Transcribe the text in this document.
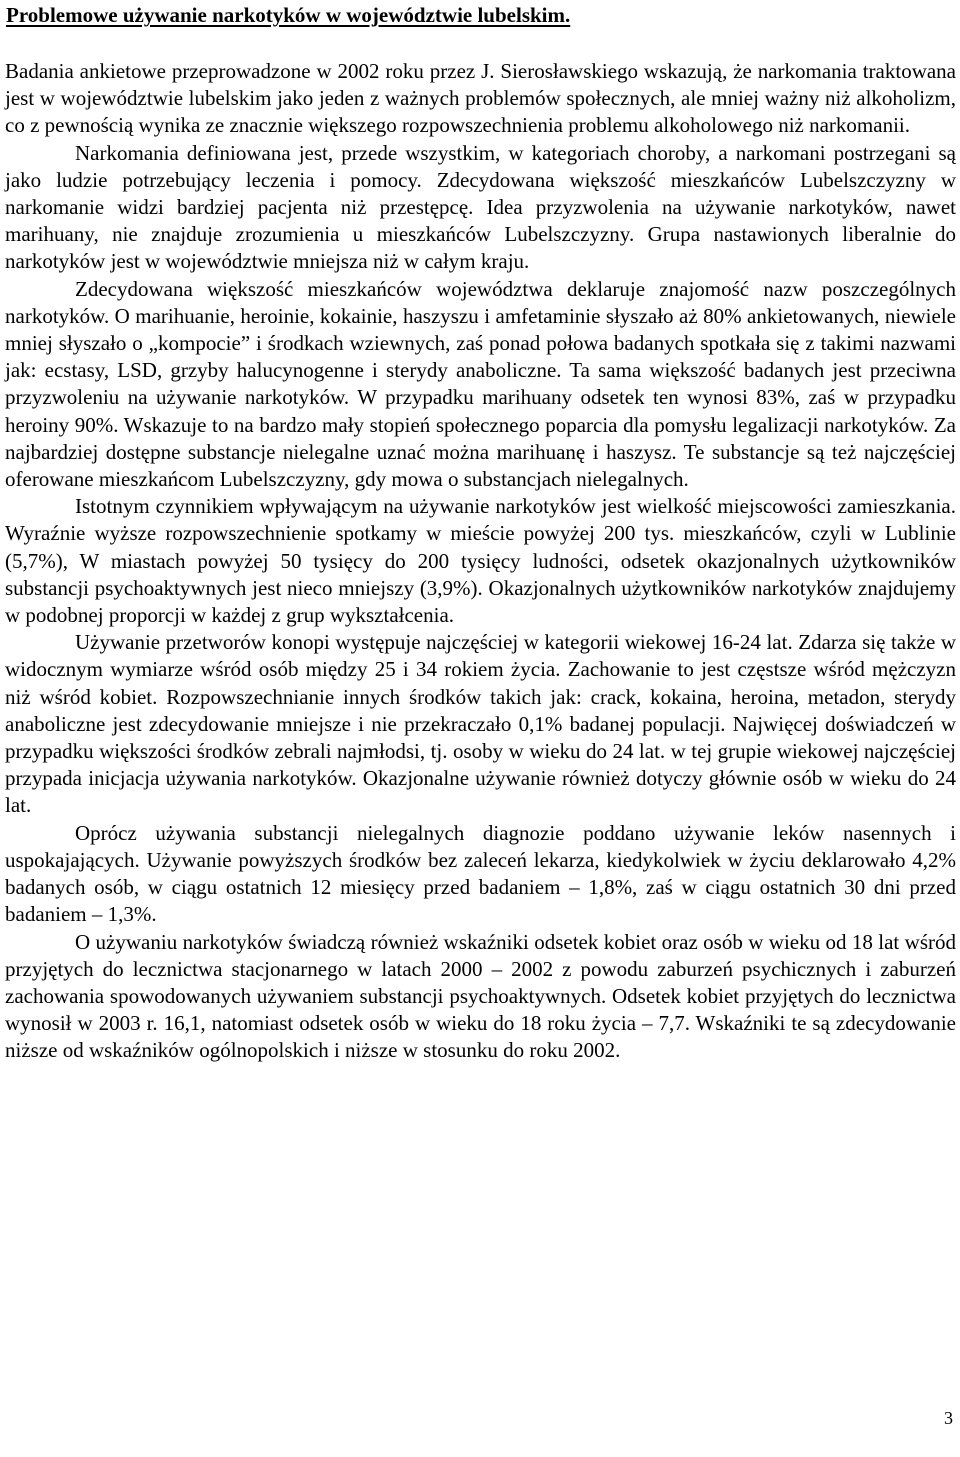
Problemowe używanie narkotyków w województwie lubelskim.

Badania ankietowe przeprowadzone w 2002 roku przez J. Sierosławskiego wskazują, że narkomania traktowana jest w województwie lubelskim jako jeden z ważnych problemów społecznych, ale mniej ważny niż alkoholizm, co z pewnością wynika ze znacznie większego rozpowszechnienia problemu alkoholowego niż narkomanii.

Narkomania definiowana jest, przede wszystkim, w kategoriach choroby, a narkomani postrzegani są jako ludzie potrzebujący leczenia i pomocy. Zdecydowana większość mieszkańców Lubelszczyzny w narkomanie widzi bardziej pacjenta niż przestępcę. Idea przyzwolenia na używanie narkotyków, nawet marihuany, nie znajduje zrozumienia u mieszkańców Lubelszczyzny. Grupa nastawionych liberalnie do narkotyków jest w województwie mniejsza niż w całym kraju.

Zdecydowana większość mieszkańców województwa deklaruje znajomość nazw poszczególnych narkotyków. O marihuanie, heroinie, kokainie, haszyszu i amfetaminie słyszało aż 80% ankietowanych, niewiele mniej słyszało o „kompocie” i środkach wziewnych, zaś ponad połowa badanych spotkała się z takimi nazwami jak: ecstasy, LSD, grzyby halucynogenne i sterydy anaboliczne. Ta sama większość badanych jest przeciwna przyzwoleniu na używanie narkotyków. W przypadku marihuany odsetek ten wynosi 83%, zaś w przypadku heroiny 90%. Wskazuje to na bardzo mały stopień społecznego poparcia dla pomysłu legalizacji narkotyków. Za najbardziej dostępne substancje nielegalne uznać można marihuanę i haszysz. Te substancje są też najczęściej oferowane mieszkańcom Lubelszczyzny, gdy mowa o substancjach nielegalnych.

Istotnym czynnikiem wpływającym na używanie narkotyków jest wielkość miejscowości zamieszkania. Wyraźnie wyższe rozpowszechnienie spotkamy w mieście powyżej 200 tys. mieszkańców, czyli w Lublinie (5,7%), W miastach powyżej 50 tysięcy do 200 tysięcy ludności, odsetek okazjonalnych użytkowników substancji psychoaktywnych jest nieco mniejszy (3,9%). Okazjonalnych użytkowników narkotyków znajdujemy w podobnej proporcji w każdej z grup wykształcenia.

Używanie przetworów konopi występuje najczęściej w kategorii wiekowej 16-24 lat. Zdarza się także w widocznym wymiarze wśród osób między 25 i 34 rokiem życia. Zachowanie to jest częstsze wśród mężczyzn niż wśród kobiet. Rozpowszechnianie innych środków takich jak: crack, kokaina, heroina, metadon, sterydy anaboliczne jest zdecydowanie mniejsze i nie przekraczało 0,1% badanej populacji. Najwięcej doświadczeń w przypadku większości środków zebrali najmłodsi, tj. osoby w wieku do 24 lat. w tej grupie wiekowej najczęściej przypada inicjacja używania narkotyków. Okazjonalne używanie również dotyczy głównie osób w wieku do 24 lat.

Oprócz używania substancji nielegalnych diagnozie poddano używanie leków nasennych i uspokajających. Używanie powyższych środków bez zaleceń lekarza, kiedykolwiek w życiu deklarowało 4,2% badanych osób, w ciągu ostatnich 12 miesięcy przed badaniem – 1,8%, zaś w ciągu ostatnich 30 dni przed badaniem – 1,3%.

O używaniu narkotyków świadczą również wskaźniki odsetek kobiet oraz osób w wieku od 18 lat wśród przyjętych do lecznictwa stacjonarnego w latach 2000 – 2002 z powodu zaburzeń psychicznych i zaburzeń zachowania spowodowanych używaniem substancji psychoaktywnych. Odsetek kobiet przyjętych do lecznictwa wynosił w 2003 r. 16,1, natomiast odsetek osób w wieku do 18 roku życia – 7,7. Wskaźniki te są zdecydowanie niższe od wskaźników ogólnopolskich i niższe w stosunku do roku 2002.

3
